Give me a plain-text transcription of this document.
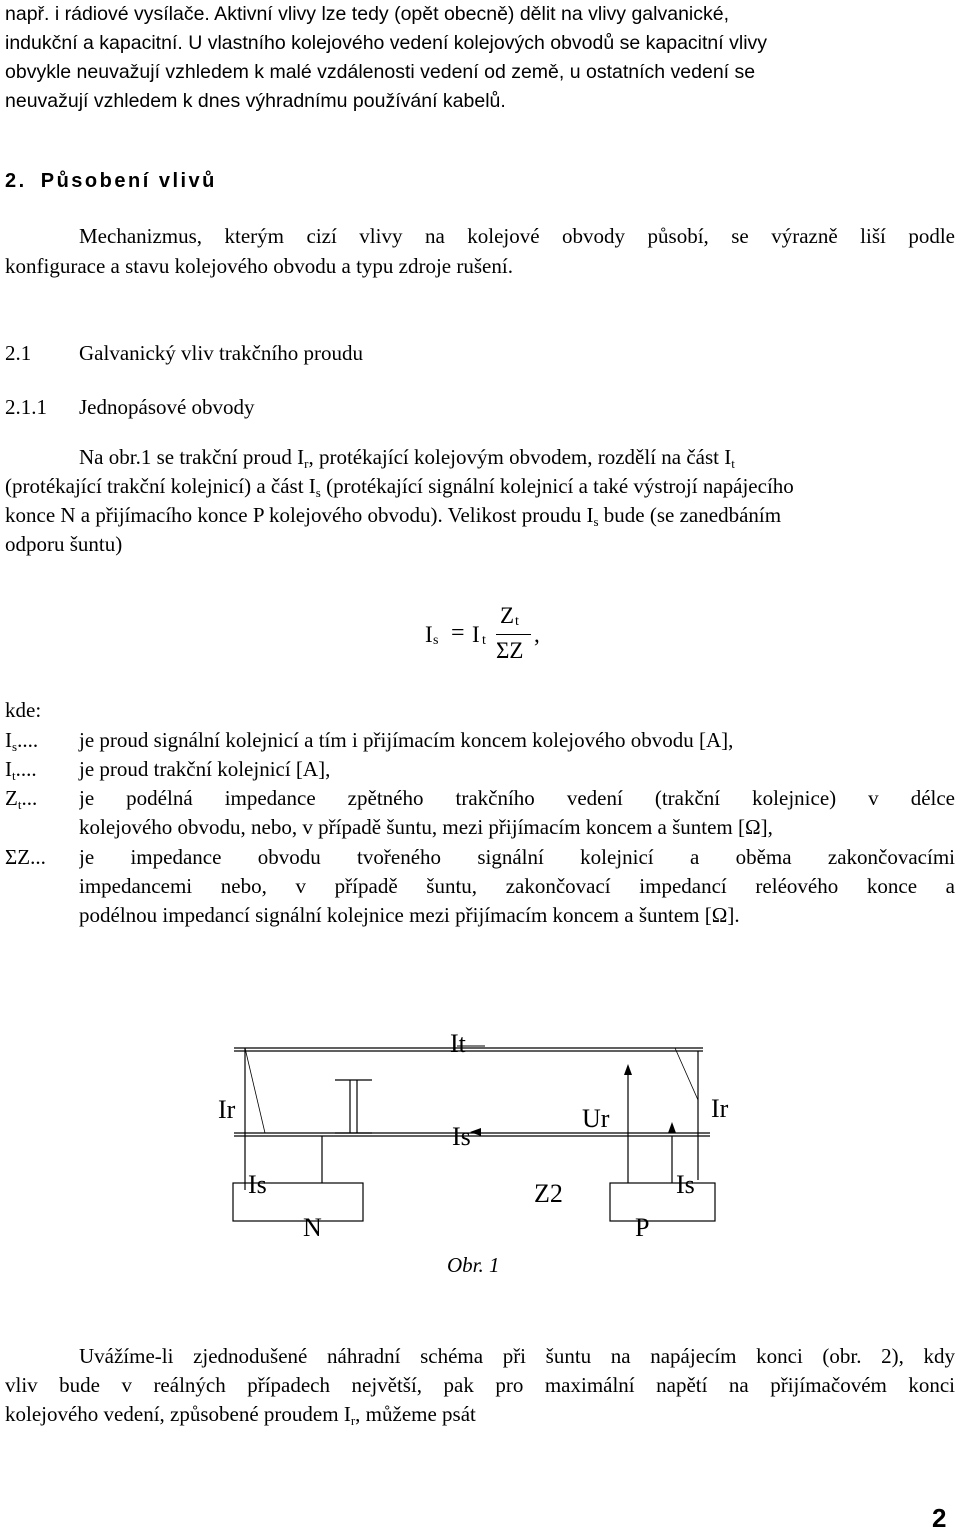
např. i rádiové vysílače. Aktivní vlivy lze tedy (opět obecně) dělit na vlivy galvanické,
indukční a kapacitní. U vlastního kolejového vedení kolejových obvodů se kapacitní vlivy
obvykle neuvažují vzhledem k malé vzdálenosti vedení od země, u ostatních vedení se
neuvažují vzhledem k dnes výhradnímu používání kabelů.
2. Působení vlivů
Mechanizmus, kterým cizí vlivy na kolejové obvody působí, se výrazně liší podle
konfigurace a stavu kolejového obvodu a typu zdroje rušení.
2.1 Galvanický vliv trakčního proudu
2.1.1 Jednopásové obvody
Na obr.1 se trakční proud $I_r$, protékající kolejovým obvodem, rozdělí na část $I_t$
(protékající trakční kolejnicí) a část $I_s$ (protékající signální kolejnicí a také výstrojí napájecího
konce N a přijímacího konce P kolejového obvodu). Velikost proudu $I_s$ bude (se zanedbáním
odporu šuntu)
I s = I t
Z t
ΣZ
,
kde:
$I_s$.... je proud signální kolejnicí a tím i přijímacím koncem kolejového obvodu [A],
$I_t$.... je proud trakční kolejnicí [A],
$Z_t$... je podélná impedance zpětného trakčního vedení (trakční kolejnice) v délce
kolejového obvodu, nebo, v případě šuntu, mezi přijímacím koncem a šuntem [Ω],
ΣZ... je impedance obvodu tvořeného signální kolejnicí a oběma zakončovacími
impedancemi nebo, v případě šuntu, zakončovací impedancí reléového konce a
podélnou impedancí signální kolejnice mezi přijímacím koncem a šuntem [Ω].
It
Ir
Is
Ur	Ir
Is	Z2	Is
N	P
Obr. 1
Uvážíme-li zjednodušené náhradní schéma při šuntu na napájecím konci (obr. 2), kdy
vliv bude v reálných případech největší, pak pro maximální napětí na přijímačovém konci
kolejového vedení, způsobené proudem $I_r$, můžeme psát
2
